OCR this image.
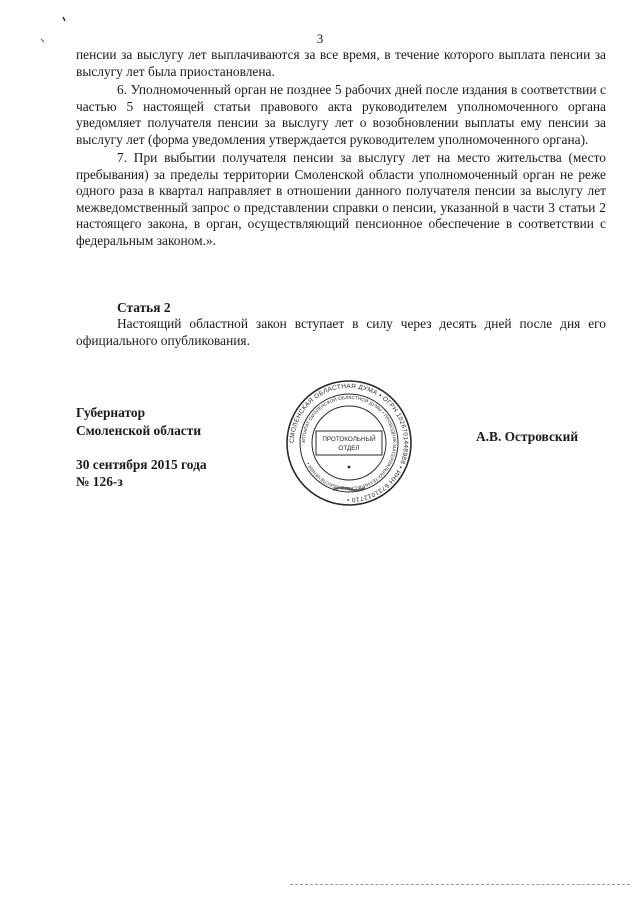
3

пенсии за выслугу лет выплачиваются за все время, в течение которого выплата пенсии за выслугу лет была приостановлена.

6. Уполномоченный орган не позднее 5 рабочих дней после издания в соответствии с частью 5 настоящей статьи правового акта руководителем уполномоченного органа уведомляет получателя пенсии за выслугу лет о возобновлении выплаты ему пенсии за выслугу лет (форма уведомления утверждается руководителем уполномоченного органа).

7. При выбытии получателя пенсии за выслугу лет на место жительства (место пребывания) за пределы территории Смоленской области уполномоченный орган не реже одного раза в квартал направляет в отношении данного получателя пенсии за выслугу лет межведомственный запрос о представлении справки о пенсии, указанной в части 3 статьи 2 настоящего закона, в орган, осуществляющий пенсионное обеспечение в соответствии с федеральным законом.».

Статья 2

Настоящий областной закон вступает в силу через десять дней после дня его официального опубликования.

Губернатор
Смоленской области
30 сентября 2015 года
№ 126-з
А.В. Островский
СМОЛЕНСКАЯ ОБЛАСТНАЯ ДУМА • ОГРН 1026701448988 • ИНН 6731012710 •
АППАРАТ СМОЛЕНСКОЙ ОБЛАСТНОЙ ДУМЫ • ПРОВОДНИК МАТЕРИАЛЬНО-ТЕХНИЧЕСКОГО ОБЕСПЕЧЕНИЯ •
ПРОТОКОЛЬНЫЙ
ОТДЕЛ
